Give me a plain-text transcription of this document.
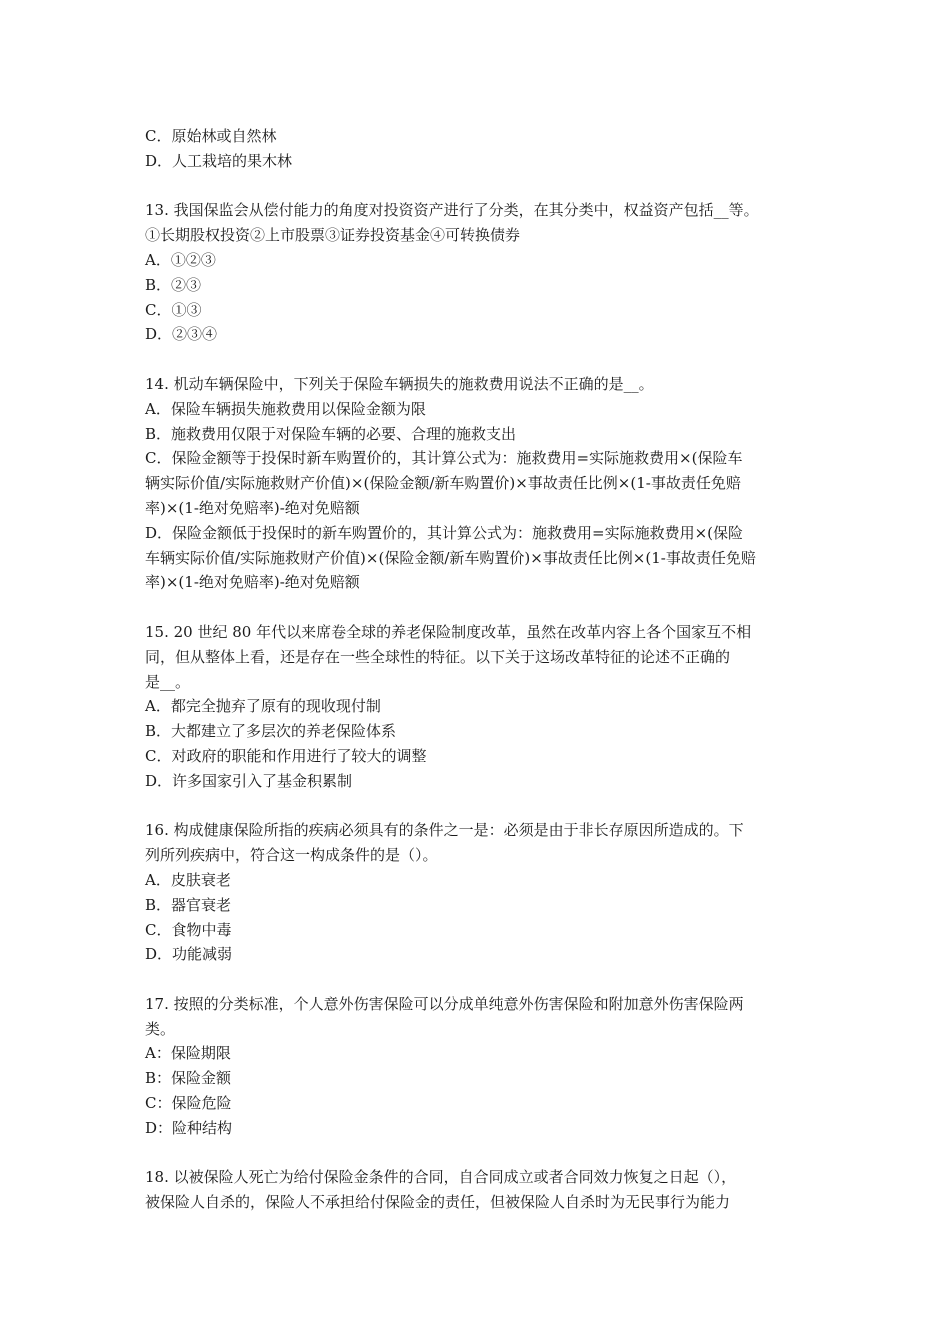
C．原始林或自然林

D．人工栽培的果木林

13. 我国保监会从偿付能力的角度对投资资产进行了分类，在其分类中，权益资产包括__等。

①长期股权投资②上市股票③证券投资基金④可转换债券

A．①②③

B．②③

C．①③

D．②③④

14. 机动车辆保险中，下列关于保险车辆损失的施救费用说法不正确的是__。

A．保险车辆损失施救费用以保险金额为限

B．施救费用仅限于对保险车辆的必要、合理的施救支出

C．保险金额等于投保时新车购置价的，其计算公式为：施救费用=实际施救费用×(保险车

辆实际价值/实际施救财产价值)×(保险金额/新车购置价)×事故责任比例×(1-事故责任免赔

率)×(1-绝对免赔率)-绝对免赔额

D．保险金额低于投保时的新车购置价的，其计算公式为：施救费用=实际施救费用×(保险

车辆实际价值/实际施救财产价值)×(保险金额/新车购置价)×事故责任比例×(1-事故责任免赔

率)×(1-绝对免赔率)-绝对免赔额

15. 20 世纪 80 年代以来席卷全球的养老保险制度改革，虽然在改革内容上各个国家互不相

同，但从整体上看，还是存在一些全球性的特征。以下关于这场改革特征的论述不正确的

是__。

A．都完全抛弃了原有的现收现付制

B．大都建立了多层次的养老保险体系

C．对政府的职能和作用进行了较大的调整

D．许多国家引入了基金积累制

16. 构成健康保险所指的疾病必须具有的条件之一是：必须是由于非长存原因所造成的。下

列所列疾病中，符合这一构成条件的是（）。

A．皮肤衰老

B．器官衰老

C．食物中毒

D．功能减弱

17. 按照的分类标准，个人意外伤害保险可以分成单纯意外伤害保险和附加意外伤害保险两

类。

A：保险期限

B：保险金额

C：保险危险

D：险种结构

18. 以被保险人死亡为给付保险金条件的合同，自合同成立或者合同效力恢复之日起（），

被保险人自杀的，保险人不承担给付保险金的责任，但被保险人自杀时为无民事行为能力
